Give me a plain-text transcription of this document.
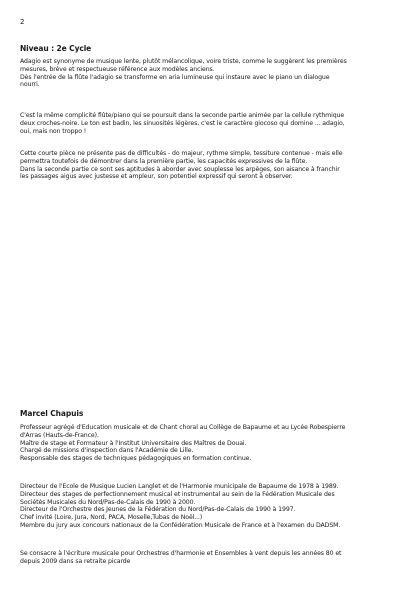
2
Niveau : 2e Cycle
Adagio est synonyme de musique lente, plutôt mélancolique, voire triste, comme le suggèrent les premières
mesures, brève et respectueuse référence aux modèles anciens.
Dès l'entrée de la flûte l'adagio se transforme en aria lumineuse qui instaure avec le piano un dialogue
nourri.
C'est la même complicité flûte/piano qui se poursuit dans la seconde partie animée par la cellule rythmique
deux croches-noire. Le ton est badin, les sinuosités légères, c'est le caractère giocoso qui domine ... adagio,
oui, mais non troppo !
Cette courte pièce ne présente pas de difficultés - do majeur, rythme simple, tessiture contenue - mais elle
permettra toutefois de démontrer dans la première partie, les capacités expressives de la flûte.
Dans la seconde partie ce sont ses aptitudes à aborder avec souplesse les arpèges, son aisance à franchir
les passages aigus avec justesse et ampleur, son potentiel expressif qui seront à observer.
Marcel Chapuis
Professeur agrégé d'Education musicale et de Chant choral au Collège de Bapaume et au Lycée Robespierre
d'Arras (Hauts-de-France).
Maître de stage et Formateur à l'Institut Universitaire des Maîtres de Douai.
Chargé de missions d'inspection dans l'Académie de Lille.
Responsable des stages de techniques pédagogiques en formation continue.
Directeur de l'Ecole de Musique Lucien Langlet et de l'Harmonie municipale de Bapaume de 1978 à 1989.
Directeur des stages de perfectionnement musical et instrumental au sein de la Fédération Musicale des
Sociétés Musicales du Nord/Pas-de-Calais de 1990 à 2000.
Directeur de l'Orchestre des Jeunes de la Fédération du Nord/Pas-de-Calais de 1990 à 1997.
Chef invité (Loire, Jura, Nord, PACA, Moselle,Tubas de Noël...)
Membre du jury aux concours nationaux de la Confédération Musicale de France et à l'examen du DADSM.
Se consacre à l'écriture musicale pour Orchestres d'harmonie et Ensembles à vent depuis les années 80 et
depuis 2009 dans sa retraite picarde
